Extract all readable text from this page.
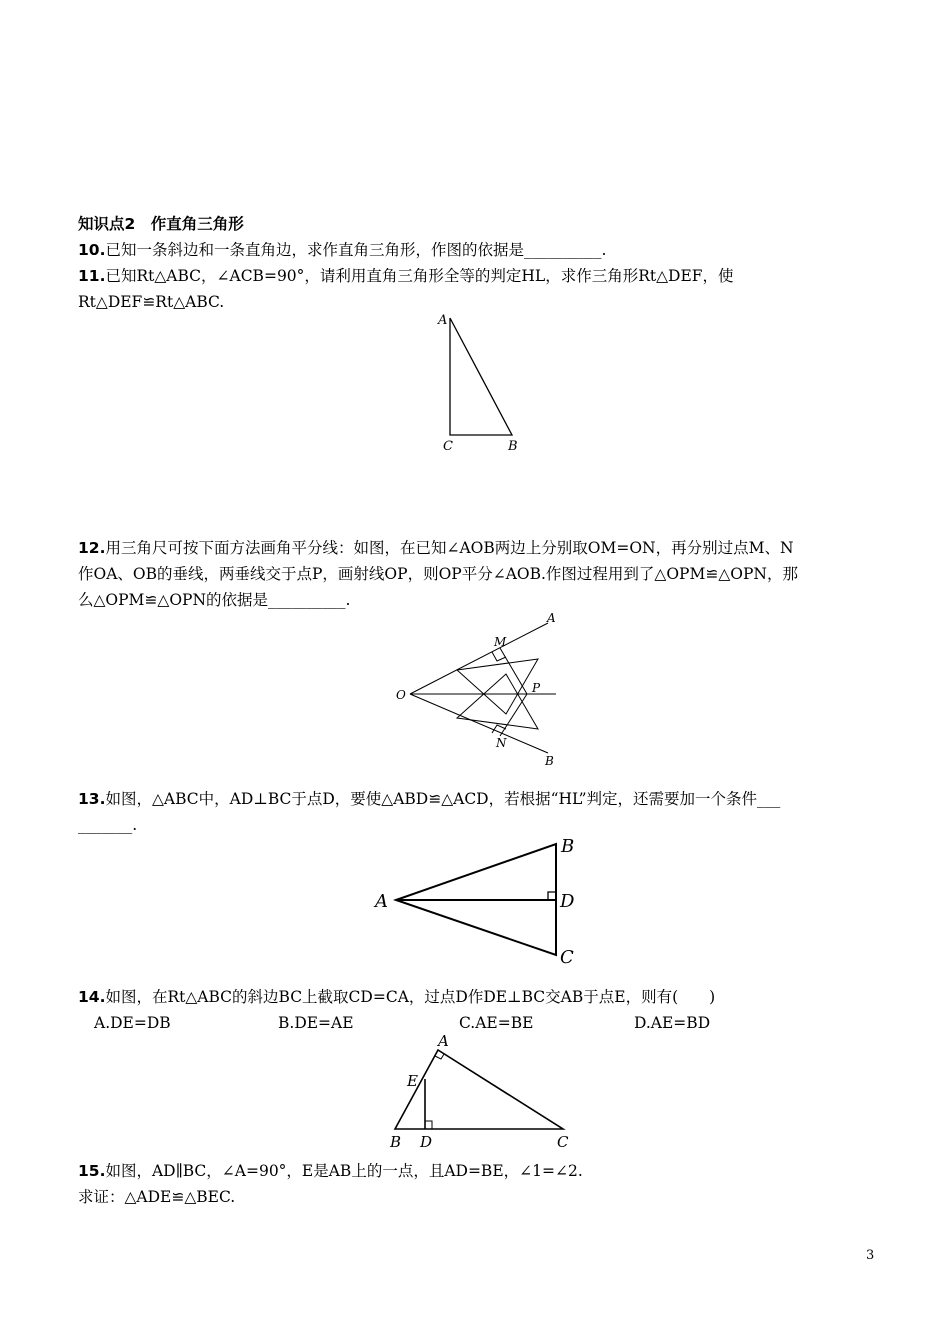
知识点2　作直角三角形
10.已知一条斜边和一条直角边，求作直角三角形，作图的依据是__________.
11.已知Rt△ABC，∠ACB=90°，请利用直角三角形全等的判定HL，求作三角形Rt△DEF，使
Rt△DEF≌Rt△ABC.
A
C	B
12.用三角尺可按下面方法画角平分线：如图，在已知∠AOB两边上分别取OM=ON，再分别过点M、N
作OA、OB的垂线，两垂线交于点P，画射线OP，则OP平分∠AOB.作图过程用到了△OPM≌△OPN，那
么△OPM≌△OPN的依据是__________.
A
M
O	P
N
B
13.如图，△ABC中，AD⊥BC于点D，要使△ABD≌△ACD，若根据“HL”判定，还需要加一个条件___
_______.
A
B
D
C
14.如图，在Rt△ABC的斜边BC上截取CD=CA，过点D作DE⊥BC交AB于点E，则有(　　)
A.DE=DB	B.DE=AE	C.AE=BE	D.AE=BD
A
E
B D	C
15.如图，AD∥BC，∠A=90°，E是AB上的一点，且AD=BE，∠1=∠2.
求证：△ADE≌△BEC.
3
